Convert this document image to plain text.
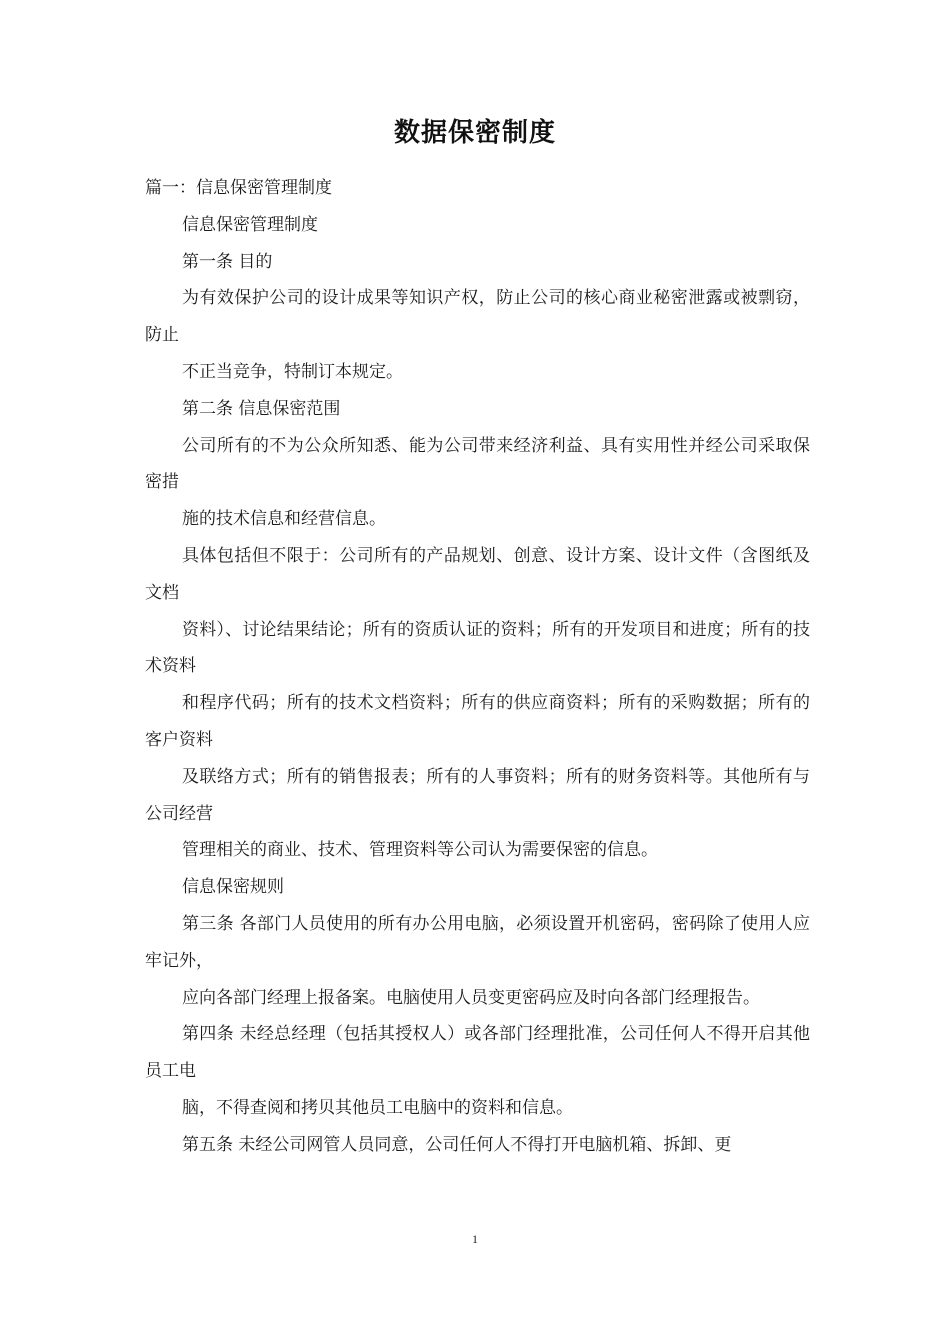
数据保密制度

篇一：信息保密管理制度

信息保密管理制度

第一条 目的

为有效保护公司的设计成果等知识产权，防止公司的核心商业秘密泄露或被剽窃，防止

不正当竞争，特制订本规定。

第二条 信息保密范围

公司所有的不为公众所知悉、能为公司带来经济利益、具有实用性并经公司采取保密措

施的技术信息和经营信息。

具体包括但不限于：公司所有的产品规划、创意、设计方案、设计文件（含图纸及文档

资料）、讨论结果结论；所有的资质认证的资料；所有的开发项目和进度；所有的技术资料

和程序代码；所有的技术文档资料；所有的供应商资料；所有的采购数据；所有的客户资料

及联络方式；所有的销售报表；所有的人事资料；所有的财务资料等。其他所有与公司经营

管理相关的商业、技术、管理资料等公司认为需要保密的信息。

信息保密规则

第三条 各部门人员使用的所有办公用电脑，必须设置开机密码，密码除了使用人应牢记外，

应向各部门经理上报备案。电脑使用人员变更密码应及时向各部门经理报告。

第四条 未经总经理（包括其授权人）或各部门经理批准，公司任何人不得开启其他员工电

脑，不得查阅和拷贝其他员工电脑中的资料和信息。

第五条 未经公司网管人员同意，公司任何人不得打开电脑机箱、拆卸、更

1
